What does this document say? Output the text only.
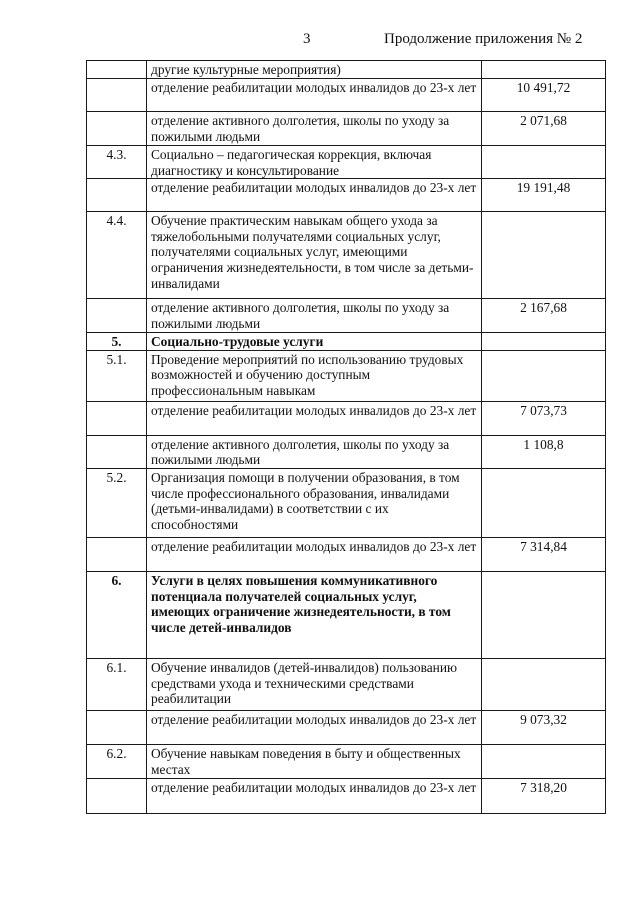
3	Продолжение приложения № 2
	другие культурные мероприятия)	
	отделение реабилитации молодых инвалидов до 23-х лет	10 491,72
	отделение активного долголетия, школы по уходу за пожилыми людьми	2 071,68
4.3.	Социально – педагогическая коррекция, включая диагностику и консультирование	
	отделение реабилитации молодых инвалидов до 23-х лет	19 191,48
4.4.	Обучение практическим навыкам общего ухода за тяжелобольными получателями социальных услуг, получателями социальных услуг, имеющими ограничения жизнедеятельности, в том числе за детьми-инвалидами	
	отделение активного долголетия, школы по уходу за пожилыми людьми	2 167,68
5.	Социально-трудовые услуги	
5.1.	Проведение мероприятий по использованию трудовых возможностей и обучению доступным профессиональным навыкам	
	отделение реабилитации молодых инвалидов до 23-х лет	7 073,73
	отделение активного долголетия, школы по уходу за пожилыми людьми	1 108,8
5.2.	Организация помощи в получении образования, в том числе профессионального образования, инвалидами (детьми-инвалидами) в соответствии с их способностями	
	отделение реабилитации молодых инвалидов до 23-х лет	7 314,84
6.	Услуги в целях повышения коммуникативного потенциала получателей социальных услуг, имеющих ограничение жизнедеятельности, в том числе детей-инвалидов	
6.1.	Обучение инвалидов (детей-инвалидов) пользованию средствами ухода и техническими средствами реабилитации	
	отделение реабилитации молодых инвалидов до 23-х лет	9 073,32
6.2.	Обучение навыкам поведения в быту и общественных местах	
	отделение реабилитации молодых инвалидов до 23-х лет	7 318,20
